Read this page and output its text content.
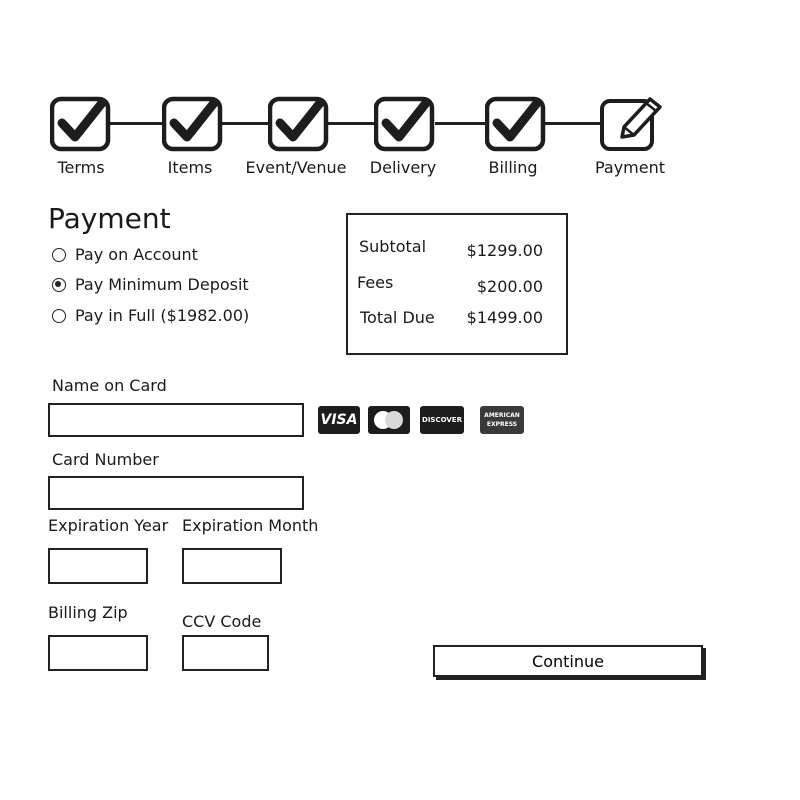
Terms	Items Event/Venue Delivery	Billing	Payment
Payment
Pay on Account
Pay Minimum Deposit
Pay in Full ($1982.00)
Subtotal	$1299.00
Fees	$200.00
Total Due	$1499.00
Name on Card
VISA	DISCOVER
AMERICAN
EXPRESS
Card Number
Expiration Year Expiration Month
Billing Zip	CCV Code
Continue
